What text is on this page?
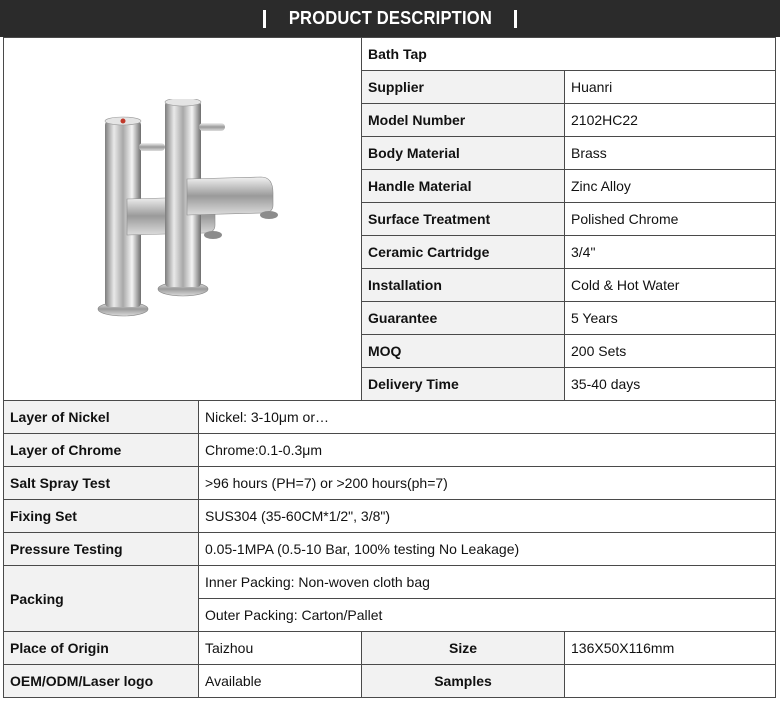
PRODUCT DESCRIPTION
	Bath Tap	
		Supplier	Huanri
		Model Number	2102HC22
		Body Material	Brass
		Handle Material	Zinc Alloy
		Surface Treatment	Polished Chrome
		Ceramic Cartridge	3/4"
		Installation	Cold & Hot Water
		Guarantee	5 Years
		MOQ	200 Sets
		Delivery Time	35-40 days
Layer of Nickel	Nickel: 3-10μm or…		
Layer of Chrome	Chrome:0.1-0.3μm		
Salt Spray Test	>96 hours (PH=7) or >200 hours(ph=7)		
Fixing Set	SUS304 (35-60CM*1/2", 3/8")		
Pressure Testing	0.05-1MPA (0.5-10 Bar, 100% testing No Leakage)		
Packing	Inner Packing: Non-woven cloth bag		
	Outer Packing: Carton/Pallet		
Place of Origin	Taizhou	Size	136X50X116mm
OEM/ODM/Laser logo	Available	Samples	
